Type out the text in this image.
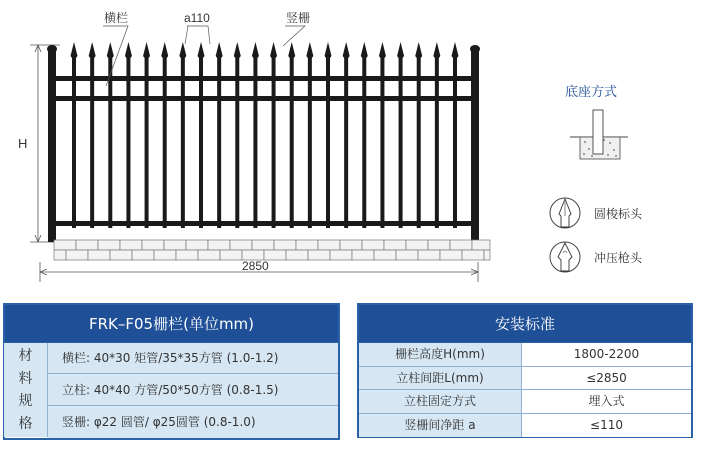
H
2850
横栏	a110	竖栅
底座方式
圆梭标头
冲压枪头
FRK–F05栅栏(单位mm)
材
料
规
格
横栏: 40*30 矩管/35*35方管 (1.0-1.2)
立柱: 40*40 方管/50*50方管 (0.8-1.5)
竖栅: φ22 圆管/ φ25圆管 (0.8-1.0)
安装标准
栅栏高度H(mm)	1800-2200
立柱间距L(mm)	≤2850
立柱固定方式	埋入式
竖栅间净距 a	≤110
